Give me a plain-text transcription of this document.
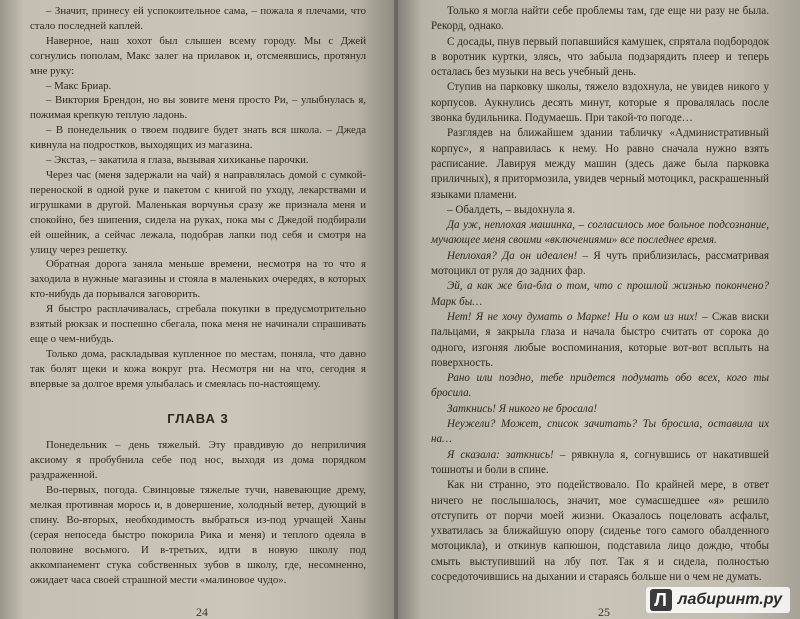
– Значит, принесу ей успокоительное сама, – пожала я плечами, что стало последней каплей.

Наверное, наш хохот был слышен всему городу. Мы с Джей согнулись пополам, Макс залег на прилавок и, отсмеявшись, протянул мне руку:

– Макс Бриар.

– Виктория Брендон, но вы зовите меня просто Ри, – улыбнулась я, пожимая крепкую теплую ладонь.

– В понедельник о твоем подвиге будет знать вся школа. – Джеда кивнула на подростков, выходящих из магазина.

– Экстаз, – закатила я глаза, вызывая хихиканье парочки.

Через час (меня задержали на чай) я направлялась домой с сумкой-переноской в одной руке и пакетом с книгой по уходу, лекарствами и игрушками в другой. Маленькая ворчунья сразу же признала меня и спокойно, без шипения, сидела на руках, пока мы с Джедой подбирали ей ошейник, а сейчас лежала, подобрав лапки под себя и смотря на улицу через решетку.

Обратная дорога заняла меньше времени, несмотря на то что я заходила в нужные магазины и стояла в маленьких очередях, в которых кто-нибудь да порывался заговорить.

Я быстро расплачивалась, сгребала покупки в предусмотрительно взятый рюкзак и поспешно сбегала, пока меня не начинали спрашивать еще о чем-нибудь.

Только дома, раскладывая купленное по местам, поняла, что давно так болят щеки и кожа вокруг рта. Несмотря ни на что, сегодня я впервые за долгое время улыбалась и смеялась по-настоящему.

ГЛАВА 3

Понедельник – день тяжелый. Эту правдивую до неприличия аксиому я пробубнила себе под нос, выходя из дома порядком раздраженной.

Во-первых, погода. Свинцовые тяжелые тучи, навевающие дрему, мелкая противная морось и, в довершение, холодный ветер, дующий в спину. Во-вторых, необходимость выбраться из-под урчащей Ханы (серая непоседа быстро покорила Рика и меня) и теплого одеяла в половине восьмого. И в-третьих, идти в новую школу под аккомпанемент стука собственных зубов в школу, где, несомненно, ожидает часа своей страшной мести «малиновое чудо».

24

Только я могла найти себе проблемы там, где еще ни разу не была. Рекорд, однако.

С досады, пнув первый попавшийся камушек, спрятала подбородок в воротник куртки, злясь, что забыла подзарядить плеер и теперь осталась без музыки на весь учебный день.

Ступив на парковку школы, тяжело вздохнула, не увидев никого у корпусов. Аукнулись десять минут, которые я провалялась после звонка будильника. Подумаешь. При такой-то погоде…

Разглядев на ближайшем здании табличку «Административный корпус», я направилась к нему. Но равно сначала нужно взять расписание. Лавируя между машин (здесь даже была парковка приличных), я притормозила, увидев черный мотоцикл, раскрашенный языками пламени.

– Обалдеть, – выдохнула я.

Да уж, неплохая машинка, – согласилось мое больное подсознание, мучающее меня своими «включениями» все последнее время.

Неплохая? Да он идеален! – Я чуть приблизилась, рассматривая мотоцикл от руля до задних фар.

Эй, а как же бла-бла о том, что с прошлой жизнью покончено? Марк бы…

Нет! Я не хочу думать о Марке! Ни о ком из них! – Сжав виски пальцами, я закрыла глаза и начала быстро считать от сорока до одного, изгоняя любые воспоминания, которые вот-вот всплыть на поверхность.

Рано или поздно, тебе придется подумать обо всех, кого ты бросила.

Заткнись! Я никого не бросала!

Неужели? Может, список зачитать? Ты бросила, оставила их на…

Я сказала: заткнись! – рявкнула я, согнувшись от накатившей тошноты и боли в спине.

Как ни странно, это подействовало. По крайней мере, в ответ ничего не послышалось, значит, мое сумасшедшее «я» решило отступить от порчи моей жизни. Оказалось поцеловать асфальт, ухватилась за ближайшую опору (сиденье того самого обалденного мотоцикла), и откинув капюшон, подставила лицо дождю, чтобы смыть выступивший на лбу пот. Так я и сидела, полностью сосредоточившись на дыхании и стараясь больше ни о чем не думать.

25
Л лабиринт.ру
